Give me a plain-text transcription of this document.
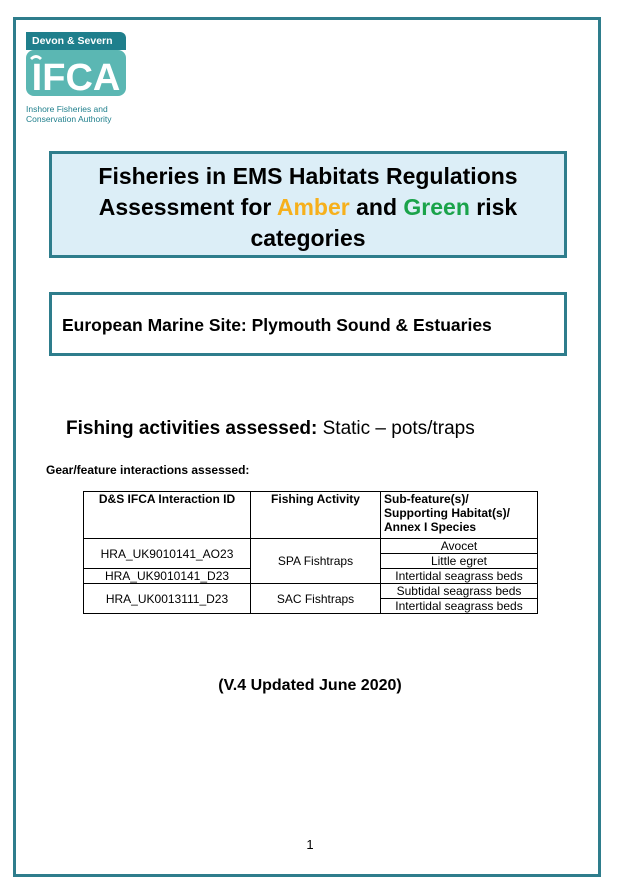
Devon & Severn
IFCA
Inshore Fisheries and
Conservation Authority
Fisheries in EMS Habitats Regulations
Assessment for Amber and Green risk
categories
European Marine Site: Plymouth Sound & Estuaries
Fishing activities assessed: Static – pots/traps
Gear/feature interactions assessed:
D&S IFCA Interaction ID	Fishing Activity	Sub-feature(s)/ Supporting Habitat(s)/ Annex I Species
HRA_UK9010141_AO23	SPA Fishtraps	Avocet
		Little egret
HRA_UK9010141_D23		Intertidal seagrass beds
HRA_UK0013111_D23	SAC Fishtraps	Subtidal seagrass beds
		Intertidal seagrass beds
(V.4 Updated June 2020)
1
